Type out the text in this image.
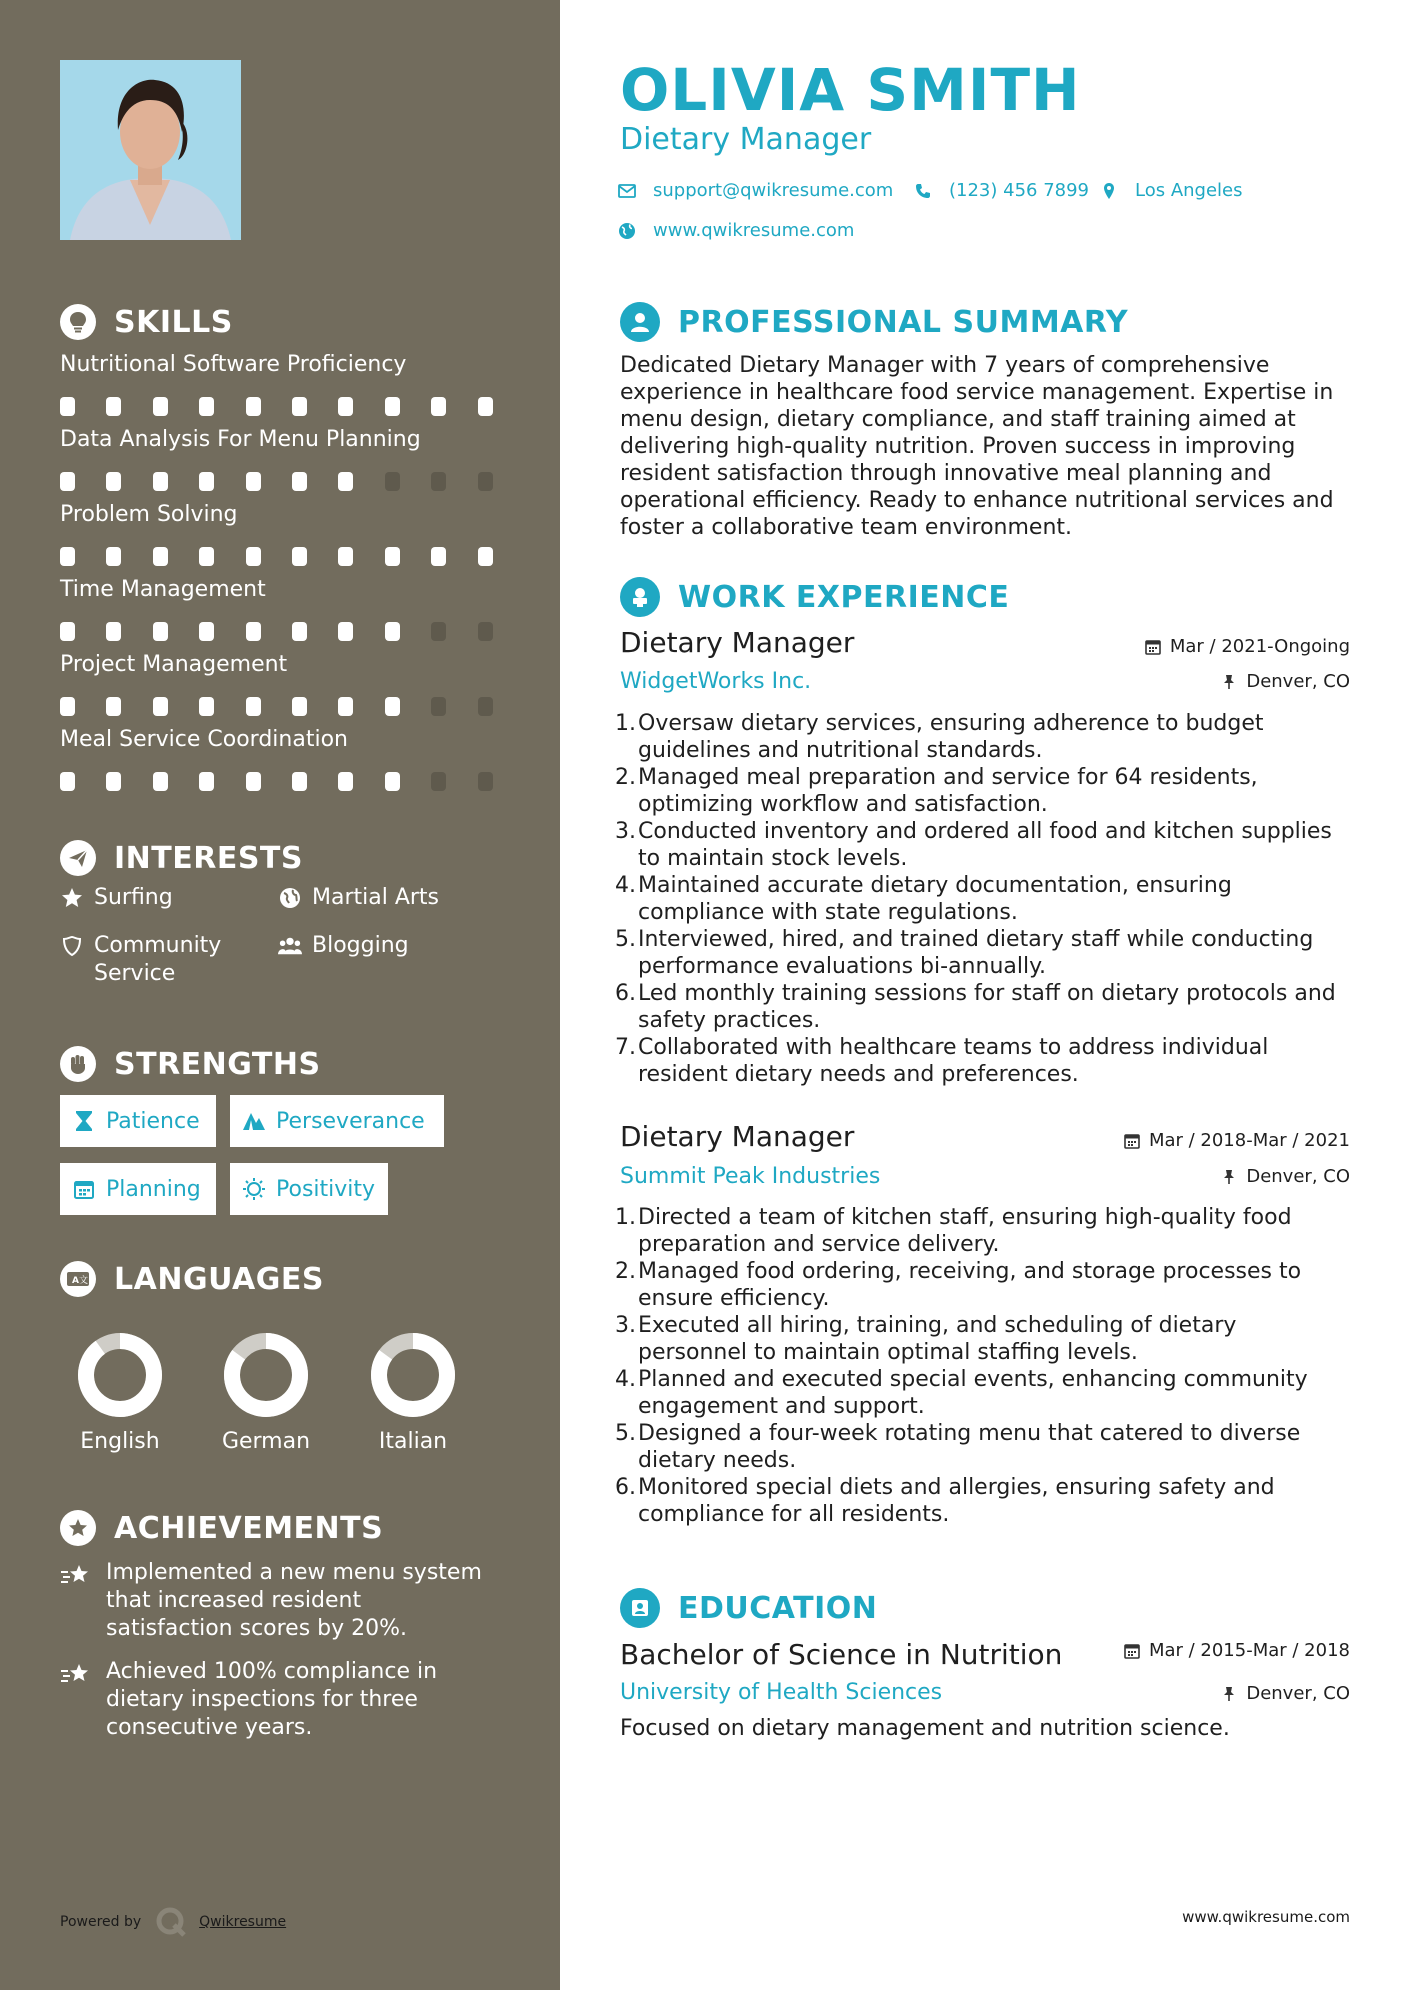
SKILLS
Nutritional Software Proficiency
Data Analysis For Menu Planning
Problem Solving
Time Management
Project Management
Meal Service Coordination
INTERESTS
Surfing	Martial Arts
Community
Service
Blogging
STRENGTHS
Patience	Perseverance
Planning	Positivity
A 文 LANGUAGES
English	German	Italian
ACHIEVEMENTS
Implemented a new menu system
that increased resident
satisfaction scores by 20%.
Achieved 100% compliance in
dietary inspections for three
consecutive years.
Powered by	Qwikresume
OLIVIA SMITH
Dietary Manager
support@qwikresume.com	(123) 456 7899	Los Angeles
www.qwikresume.com
PROFESSIONAL SUMMARY
Dedicated Dietary Manager with 7 years of comprehensive experience in healthcare food service management. Expertise in menu design, dietary compliance, and staff training aimed at delivering high-quality nutrition. Proven success in improving resident satisfaction through innovative meal planning and operational efficiency. Ready to enhance nutritional services and foster a collaborative team environment.
WORK EXPERIENCE
Dietary Manager
WidgetWorks Inc.
Mar / 2021-Ongoing
Denver, CO
1. Oversaw dietary services, ensuring adherence to budget
guidelines and nutritional standards.
2. Managed meal preparation and service for 64 residents,
optimizing workflow and satisfaction.
3. Conducted inventory and ordered all food and kitchen supplies
to maintain stock levels.
4. Maintained accurate dietary documentation, ensuring
compliance with state regulations.
5. Interviewed, hired, and trained dietary staff while conducting
performance evaluations bi-annually.
6. Led monthly training sessions for staff on dietary protocols and
safety practices.
7. Collaborated with healthcare teams to address individual
resident dietary needs and preferences.
Dietary Manager
Summit Peak Industries
Mar / 2018-Mar / 2021
Denver, CO
1. Directed a team of kitchen staff, ensuring high-quality food
preparation and service delivery.
2. Managed food ordering, receiving, and storage processes to
ensure efficiency.
3. Executed all hiring, training, and scheduling of dietary
personnel to maintain optimal staffing levels.
4. Planned and executed special events, enhancing community
engagement and support.
5. Designed a four-week rotating menu that catered to diverse
dietary needs.
6. Monitored special diets and allergies, ensuring safety and
compliance for all residents.
EDUCATION
Bachelor of Science in Nutrition
University of Health Sciences
Mar / 2015-Mar / 2018
Denver, CO
Focused on dietary management and nutrition science.
www.qwikresume.com
